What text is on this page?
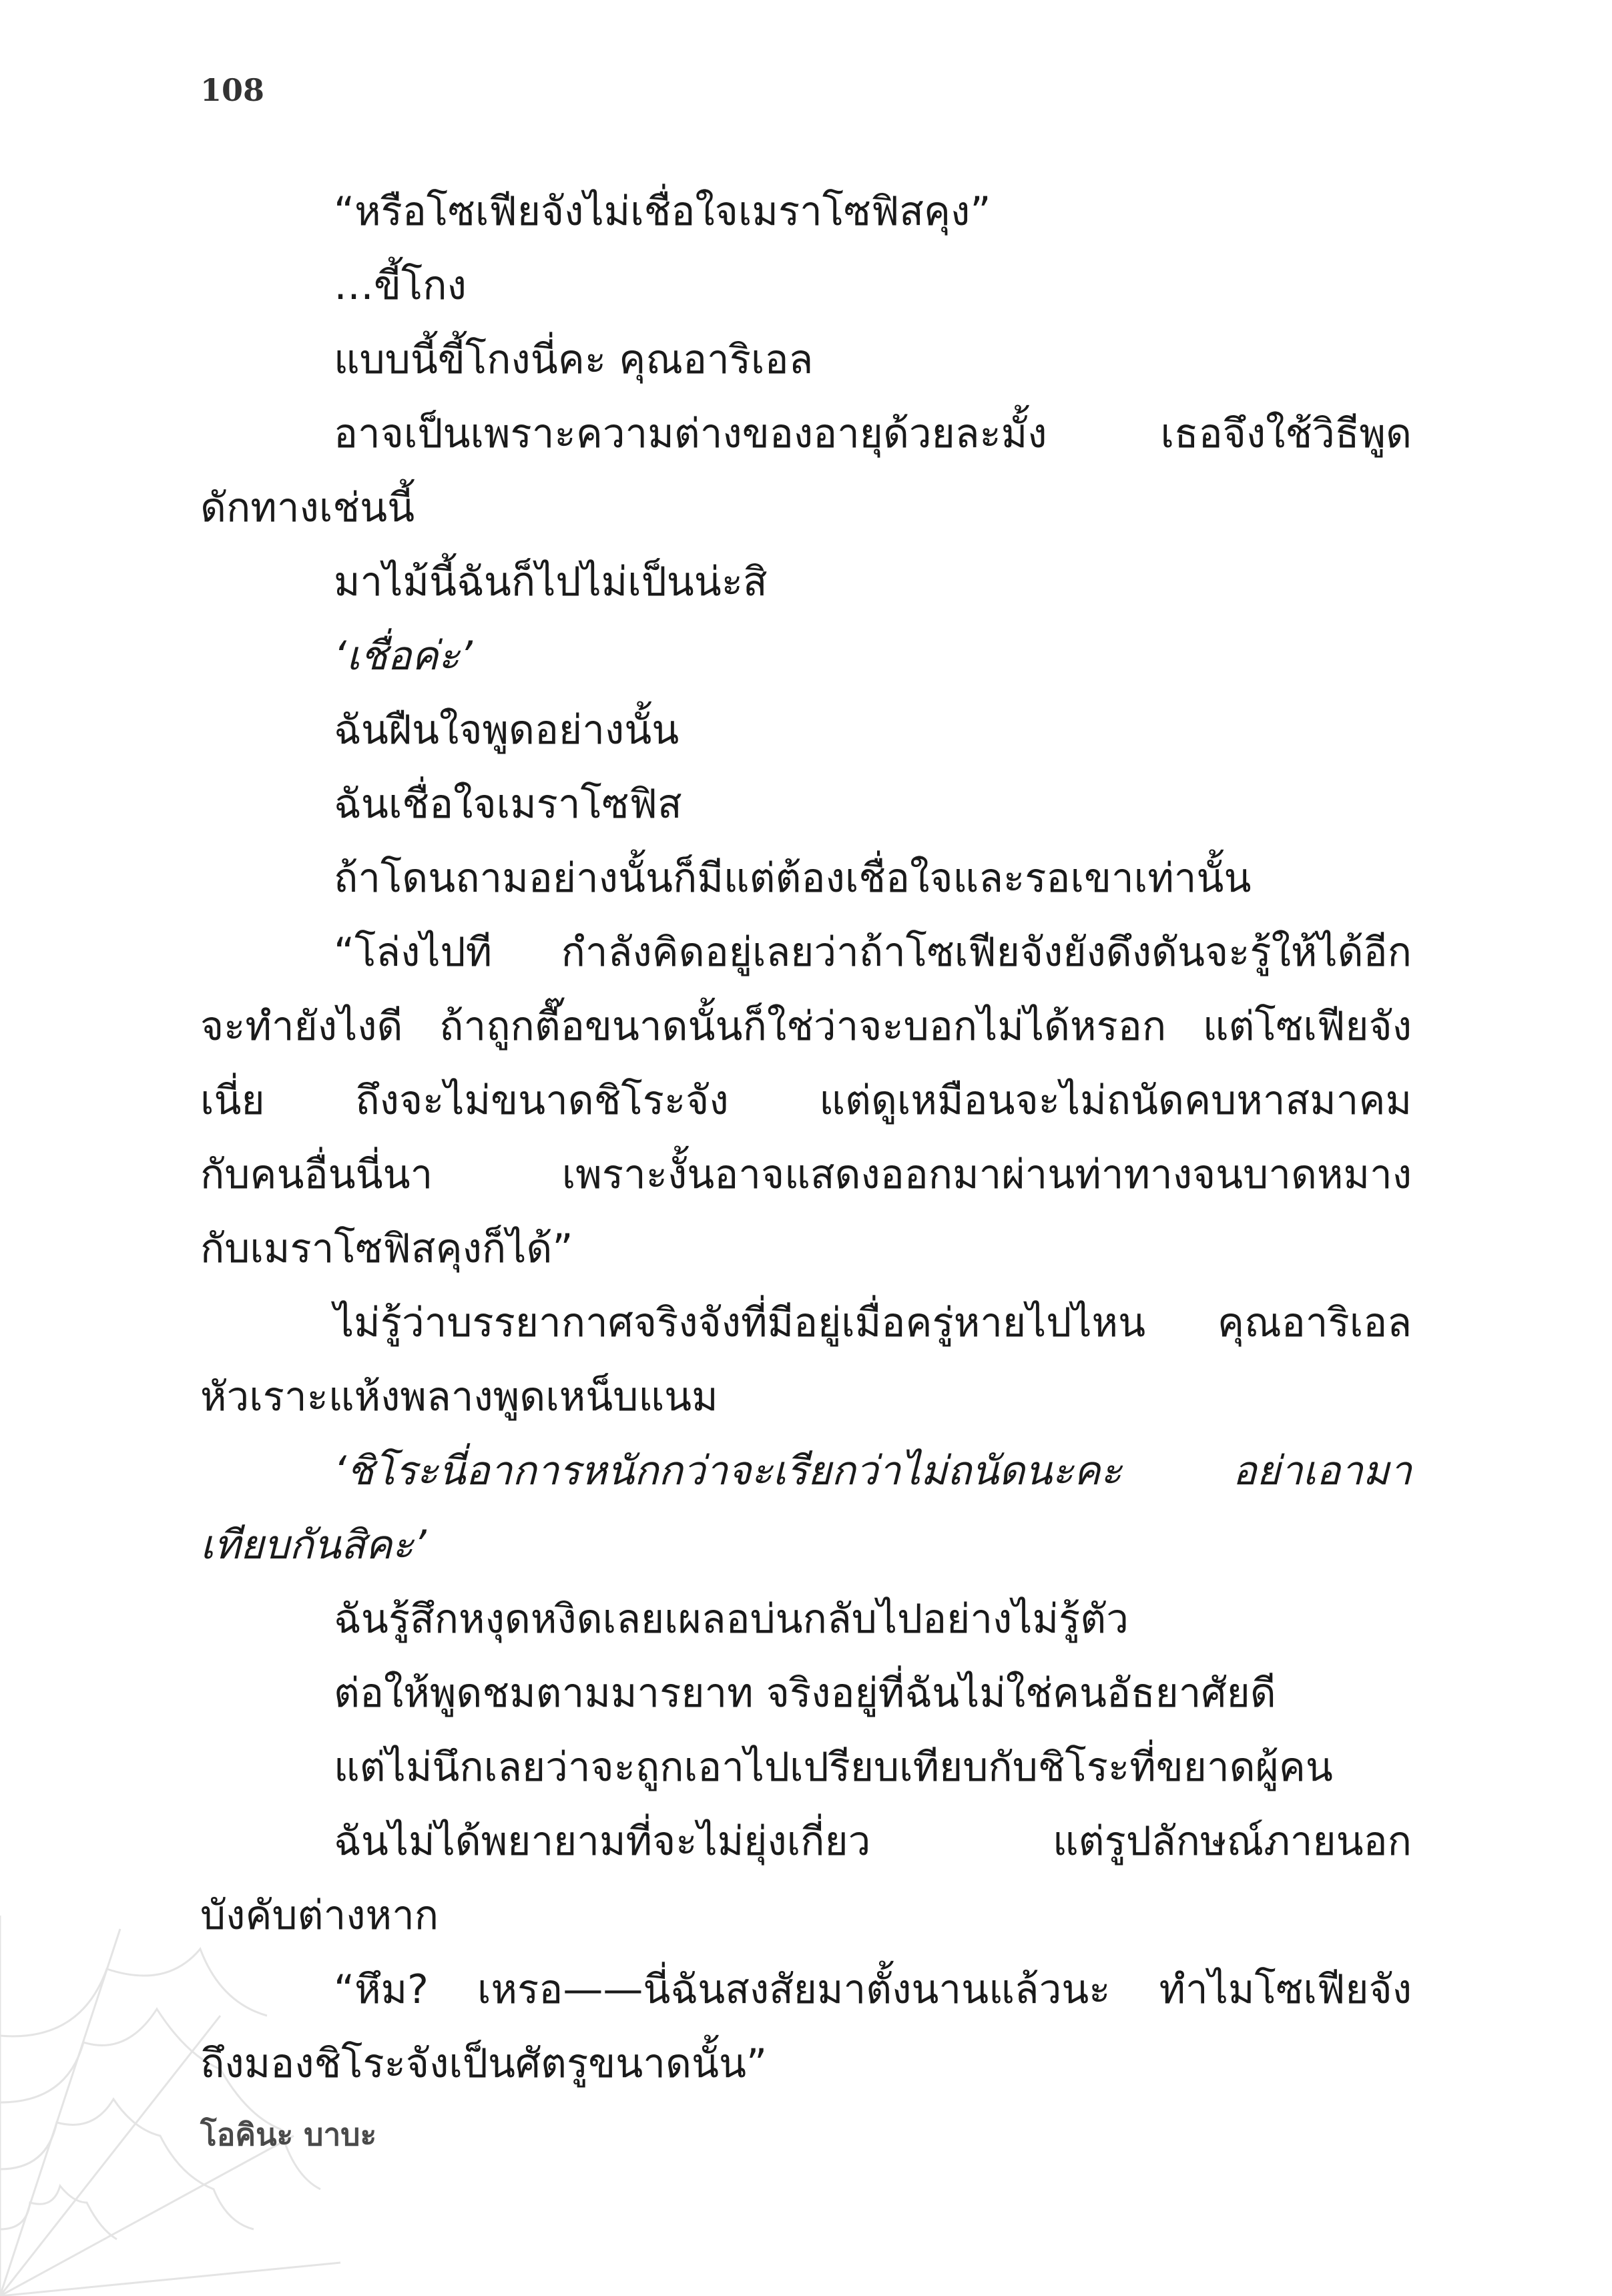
108
“หรือโซเฟียจังไม่เชื่อใจเมราโซฟิสคุง”
…ขี้โกง
แบบนี้ขี้โกงนี่คะ คุณอาริเอล
อาจเป็นเพราะความต่างของอายุด้วยละมั้ง เธอจึงใช้วิธีพูด
ดักทางเช่นนี้
มาไม้นี้ฉันก็ไปไม่เป็นน่ะสิ
‘เชื่อค่ะ’
ฉันฝืนใจพูดอย่างนั้น
ฉันเชื่อใจเมราโซฟิส
ถ้าโดนถามอย่างนั้นก็มีแต่ต้องเชื่อใจและรอเขาเท่านั้น
“โล่งไปที กำลังคิดอยู่เลยว่าถ้าโซเฟียจังยังดึงดันจะรู้ให้ได้อีก
จะทำยังไงดี ถ้าถูกตื๊อขนาดนั้นก็ใช่ว่าจะบอกไม่ได้หรอก แต่โซเฟียจัง
เนี่ย ถึงจะไม่ขนาดชิโระจัง แต่ดูเหมือนจะไม่ถนัดคบหาสมาคม
กับคนอื่นนี่นา เพราะงั้นอาจแสดงออกมาผ่านท่าทางจนบาดหมาง
กับเมราโซฟิสคุงก็ได้”
ไม่รู้ว่าบรรยากาศจริงจังที่มีอยู่เมื่อครู่หายไปไหน คุณอาริเอล
หัวเราะแห้งพลางพูดเหน็บแนม
‘ชิโระนี่อาการหนักกว่าจะเรียกว่าไม่ถนัดนะคะ อย่าเอามา
เทียบกันสิคะ’
ฉันรู้สึกหงุดหงิดเลยเผลอบ่นกลับไปอย่างไม่รู้ตัว
ต่อให้พูดชมตามมารยาท จริงอยู่ที่ฉันไม่ใช่คนอัธยาศัยดี
แต่ไม่นึกเลยว่าจะถูกเอาไปเปรียบเทียบกับชิโระที่ขยาดผู้คน
ฉันไม่ได้พยายามที่จะไม่ยุ่งเกี่ยว แต่รูปลักษณ์ภายนอก
บังคับต่างหาก
“หึม? เหรอ——นี่ฉันสงสัยมาตั้งนานแล้วนะ ทำไมโซเฟียจัง
ถึงมองชิโระจังเป็นศัตรูขนาดนั้น”
โอคินะ บาบะ
